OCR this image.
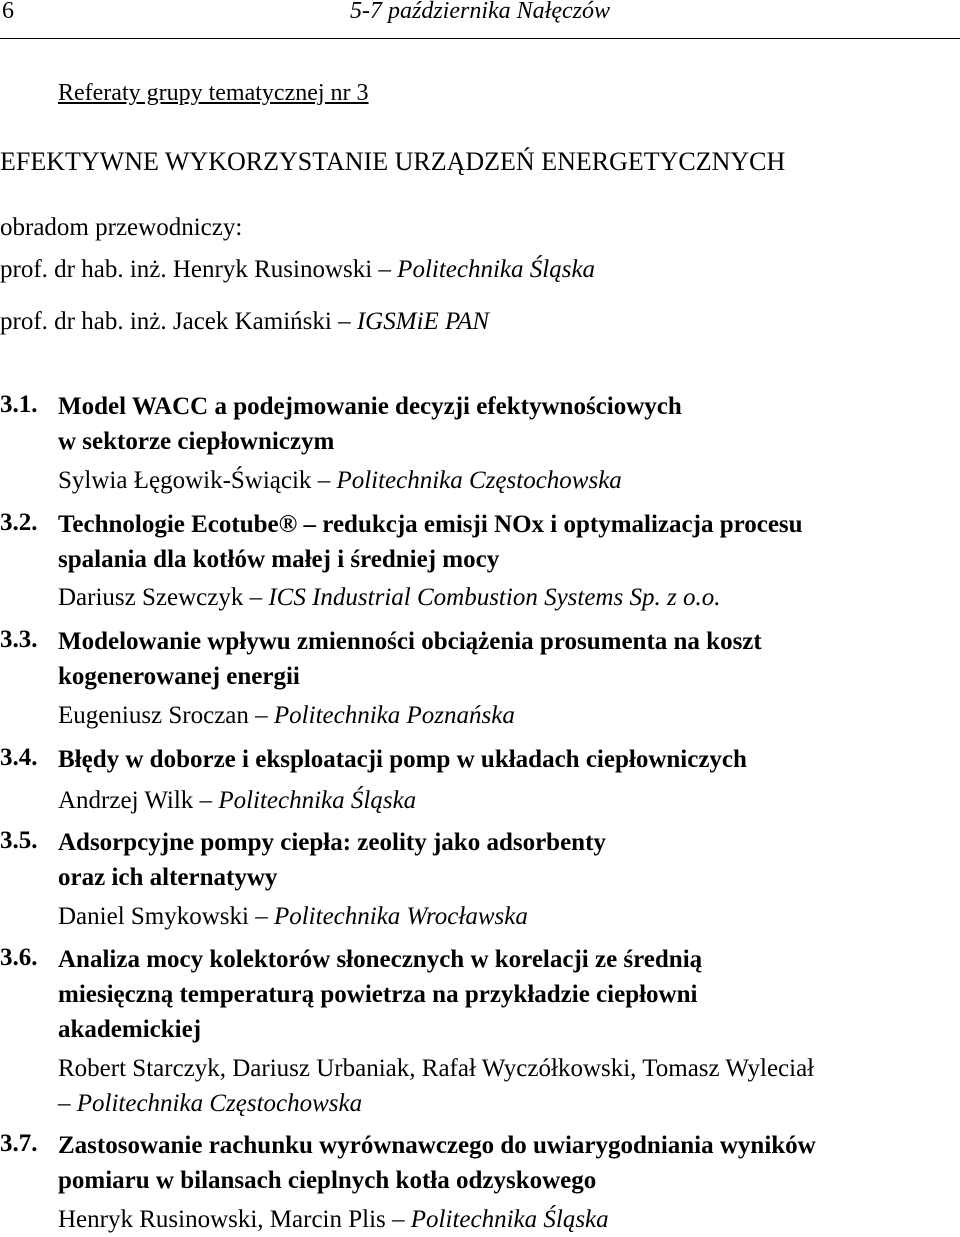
6	5-7 października Nałęczów
Referaty grupy tematycznej nr 3
EFEKTYWNE WYKORZYSTANIE URZĄDZEŃ ENERGETYCZNYCH
obradom przewodniczy:
prof. dr hab. inż. Henryk Rusinowski – Politechnika Śląska
prof. dr hab. inż. Jacek Kamiński – IGSMiE PAN
3.1. Model WACC a podejmowanie decyzji efektywnościowych
w sektorze ciepłowniczym
Sylwia Łęgowik-Świącik – Politechnika Częstochowska
3.2. Technologie Ecotube® – redukcja emisji NOx i optymalizacja procesu
spalania dla kotłów małej i średniej mocy
Dariusz Szewczyk – ICS Industrial Combustion Systems Sp. z o.o.
3.3. Modelowanie wpływu zmienności obciążenia prosumenta na koszt
kogenerowanej energii
Eugeniusz Sroczan – Politechnika Poznańska
3.4. Błędy w doborze i eksploatacji pomp w układach ciepłowniczych
Andrzej Wilk – Politechnika Śląska
3.5. Adsorpcyjne pompy ciepła: zeolity jako adsorbenty
oraz ich alternatywy
Daniel Smykowski – Politechnika Wrocławska
3.6. Analiza mocy kolektorów słonecznych w korelacji ze średnią
miesięczną temperaturą powietrza na przykładzie ciepłowni
akademickiej
Robert Starczyk, Dariusz Urbaniak, Rafał Wyczółkowski, Tomasz Wyleciał
– Politechnika Częstochowska
3.7. Zastosowanie rachunku wyrównawczego do uwiarygodniania wyników
pomiaru w bilansach cieplnych kotła odzyskowego
Henryk Rusinowski, Marcin Plis – Politechnika Śląska
